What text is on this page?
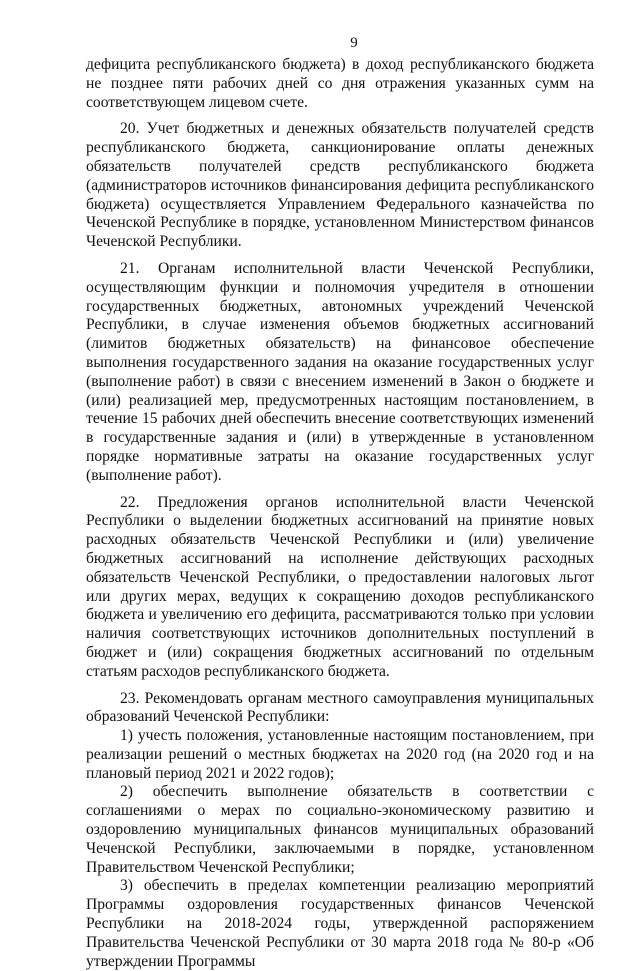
9

дефицита республиканского бюджета) в доход республиканского бюджета не позднее пяти рабочих дней со дня отражения указанных сумм на соответствующем лицевом счете.

20. Учет бюджетных и денежных обязательств получателей средств республиканского бюджета, санкционирование оплаты денежных обязательств получателей средств республиканского бюджета (администраторов источников финансирования дефицита республиканского бюджета) осуществляется Управлением Федерального казначейства по Чеченской Республике в порядке, установленном Министерством финансов Чеченской Республики.

21. Органам исполнительной власти Чеченской Республики, осуществляющим функции и полномочия учредителя в отношении государственных бюджетных, автономных учреждений Чеченской Республики, в случае изменения объемов бюджетных ассигнований (лимитов бюджетных обязательств) на финансовое обеспечение выполнения государственного задания на оказание государственных услуг (выполнение работ) в связи с внесением изменений в Закон о бюджете и (или) реализацией мер, предусмотренных настоящим постановлением, в течение 15 рабочих дней обеспечить внесение соответствующих изменений в государственные задания и (или) в утвержденные в установленном порядке нормативные затраты на оказание государственных услуг (выполнение работ).

22. Предложения органов исполнительной власти Чеченской Республики о выделении бюджетных ассигнований на принятие новых расходных обязательств Чеченской Республики и (или) увеличение бюджетных ассигнований на исполнение действующих расходных обязательств Чеченской Республики, о предоставлении налоговых льгот или других мерах, ведущих к сокращению доходов республиканского бюджета и увеличению его дефицита, рассматриваются только при условии наличия соответствующих источников дополнительных поступлений в бюджет и (или) сокращения бюджетных ассигнований по отдельным статьям расходов республиканского бюджета.

23. Рекомендовать органам местного самоуправления муниципальных образований Чеченской Республики:

1) учесть положения, установленные настоящим постановлением, при реализации решений о местных бюджетах на 2020 год (на 2020 год и на плановый период 2021 и 2022 годов);

2) обеспечить выполнение обязательств в соответствии с соглашениями о мерах по социально-экономическому развитию и оздоровлению муниципальных финансов муниципальных образований Чеченской Республики, заключаемыми в порядке, установленном Правительством Чеченской Республики;

3) обеспечить в пределах компетенции реализацию мероприятий Программы оздоровления государственных финансов Чеченской Республики на 2018-2024 годы, утвержденной распоряжением Правительства Чеченской Республики от 30 марта 2018 года № 80-р «Об утверждении Программы
